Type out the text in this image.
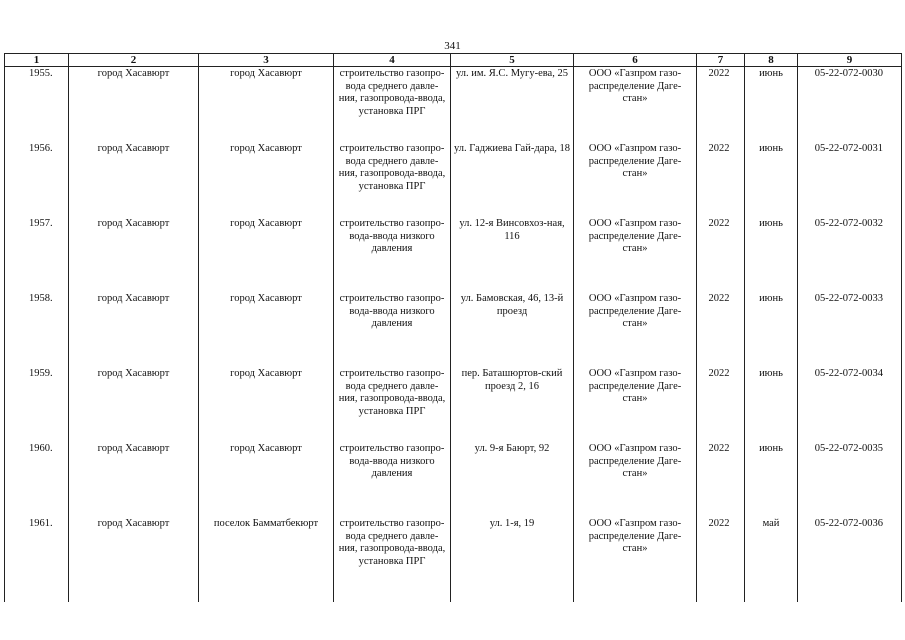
341
1	2	3	4	5	6	7	8	9
1955.	город Хасавюрт	город Хасавюрт	строительство газопро-вода среднего давле-ния, газопровода-ввода, установка ПРГ	ул. им. Я.С. Мугу-ева, 25	ООО «Газпром газо-распределение Даге-стан»	2022	июнь	05-22-072-0030
1956.	город Хасавюрт	город Хасавюрт	строительство газопро-вода среднего давле-ния, газопровода-ввода, установка ПРГ	ул. Гаджиева Гай-дара, 18	ООО «Газпром газо-распределение Даге-стан»	2022	июнь	05-22-072-0031
1957.	город Хасавюрт	город Хасавюрт	строительство газопро-вода-ввода низкого давления	ул. 12-я Винсовхоз-ная, 116	ООО «Газпром газо-распределение Даге-стан»	2022	июнь	05-22-072-0032
1958.	город Хасавюрт	город Хасавюрт	строительство газопро-вода-ввода низкого давления	ул. Бамовская, 46, 13-й проезд	ООО «Газпром газо-распределение Даге-стан»	2022	июнь	05-22-072-0033
1959.	город Хасавюрт	город Хасавюрт	строительство газопро-вода среднего давле-ния, газопровода-ввода, установка ПРГ	пер. Баташюртов-ский проезд 2, 16	ООО «Газпром газо-распределение Даге-стан»	2022	июнь	05-22-072-0034
1960.	город Хасавюрт	город Хасавюрт	строительство газопро-вода-ввода низкого давления	ул. 9-я Баюрт, 92	ООО «Газпром газо-распределение Даге-стан»	2022	июнь	05-22-072-0035
1961.	город Хасавюрт	поселок Бамматбекюрт	строительство газопро-вода среднего давле-ния, газопровода-ввода, установка ПРГ	ул. 1-я, 19	ООО «Газпром газо-распределение Даге-стан»	2022	май	05-22-072-0036
